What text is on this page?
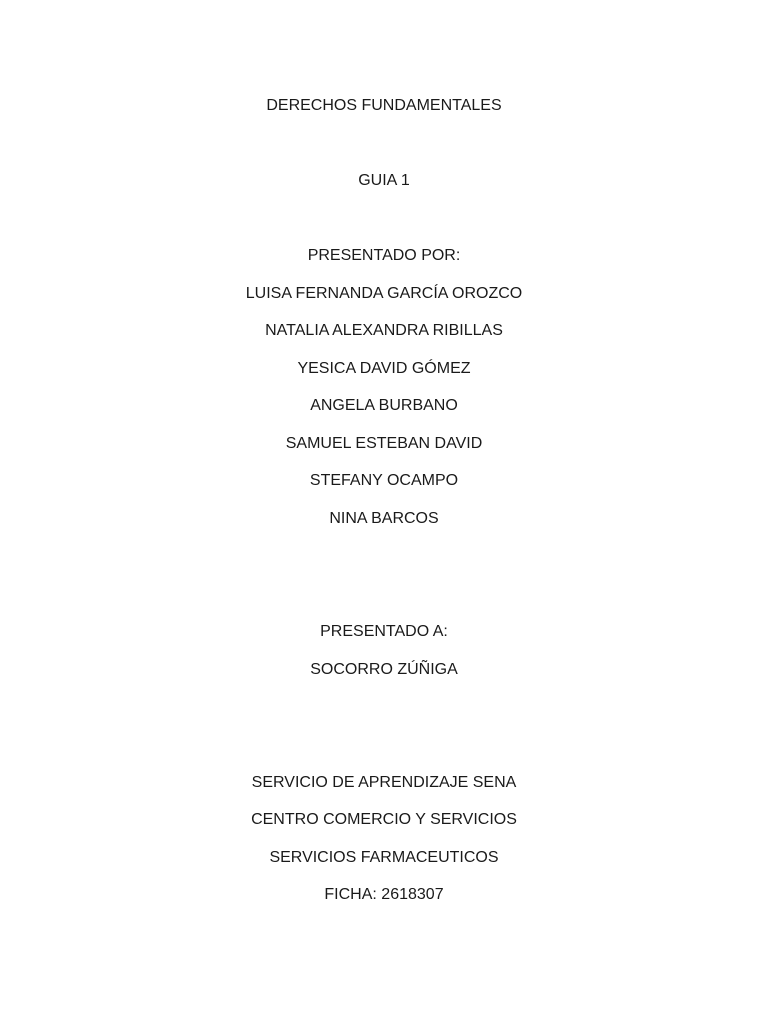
DERECHOS FUNDAMENTALES
GUIA 1
PRESENTADO POR:
LUISA FERNANDA GARCÍA OROZCO
NATALIA ALEXANDRA RIBILLAS
YESICA DAVID GÓMEZ
ANGELA BURBANO
SAMUEL ESTEBAN DAVID
STEFANY OCAMPO
NINA BARCOS
PRESENTADO A:
SOCORRO ZÚÑIGA
SERVICIO DE APRENDIZAJE SENA
CENTRO COMERCIO Y SERVICIOS
SERVICIOS FARMACEUTICOS
FICHA: 2618307
